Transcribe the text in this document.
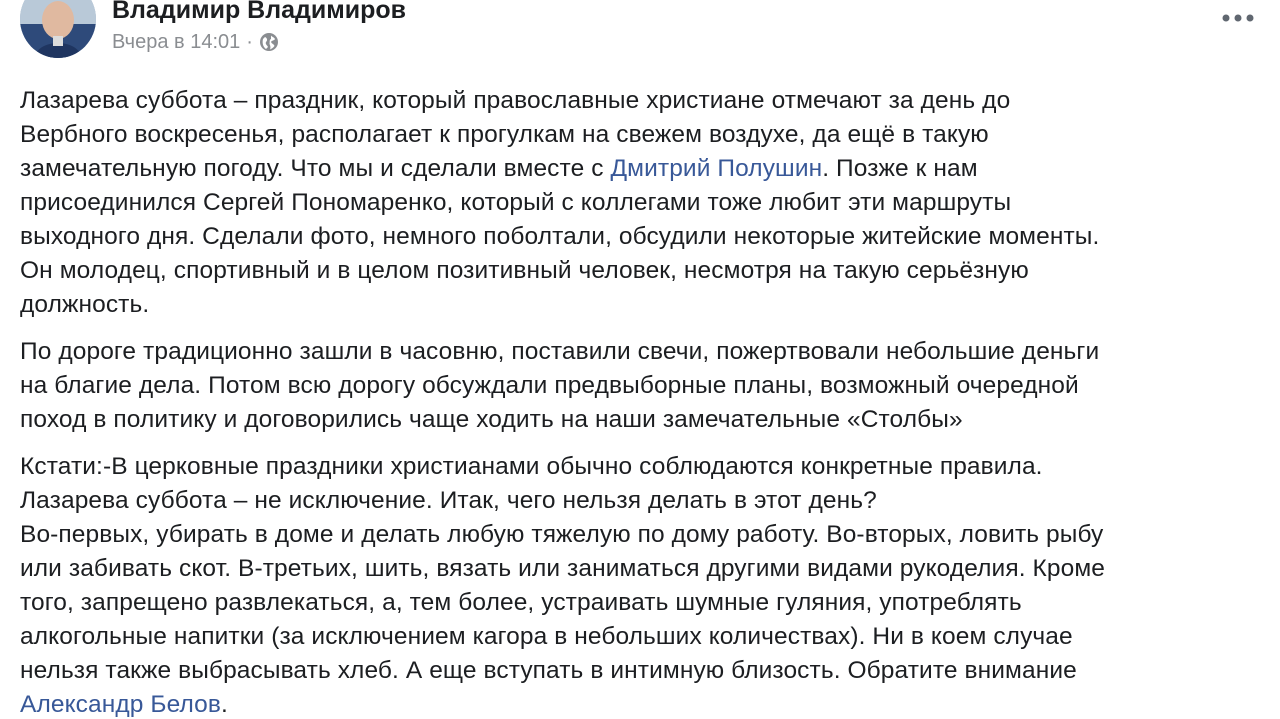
Владимир Владимиров
Вчера в 14:01 ·

Лазарева суббота – праздник, который православные христиане отмечают за день до
Вербного воскресенья, располагает к прогулкам на свежем воздухе, да ещё в такую
замечательную погоду. Что мы и сделали вместе с Дмитрий Полушин. Позже к нам
присоединился Сергей Пономаренко, который с коллегами тоже любит эти маршруты
выходного дня. Сделали фото, немного поболтали, обсудили некоторые житейские моменты.
Он молодец, спортивный и в целом позитивный человек, несмотря на такую серьёзную
должность.

По дороге традиционно зашли в часовню, поставили свечи, пожертвовали небольшие деньги
на благие дела. Потом всю дорогу обсуждали предвыборные планы, возможный очередной
поход в политику и договорились чаще ходить на наши замечательные «Столбы»

Кстати:-В церковные праздники христианами обычно соблюдаются конкретные правила.
Лазарева суббота – не исключение. Итак, чего нельзя делать в этот день?

Во-первых, убирать в доме и делать любую тяжелую по дому работу. Во-вторых, ловить рыбу
или забивать скот. В-третьих, шить, вязать или заниматься другими видами рукоделия. Кроме
того, запрещено развлекаться, а, тем более, устраивать шумные гуляния, употреблять
алкогольные напитки (за исключением кагора в небольших количествах). Ни в коем случае
нельзя также выбрасывать хлеб. А еще вступать в интимную близость. Обратите внимание
Александр Белов.
